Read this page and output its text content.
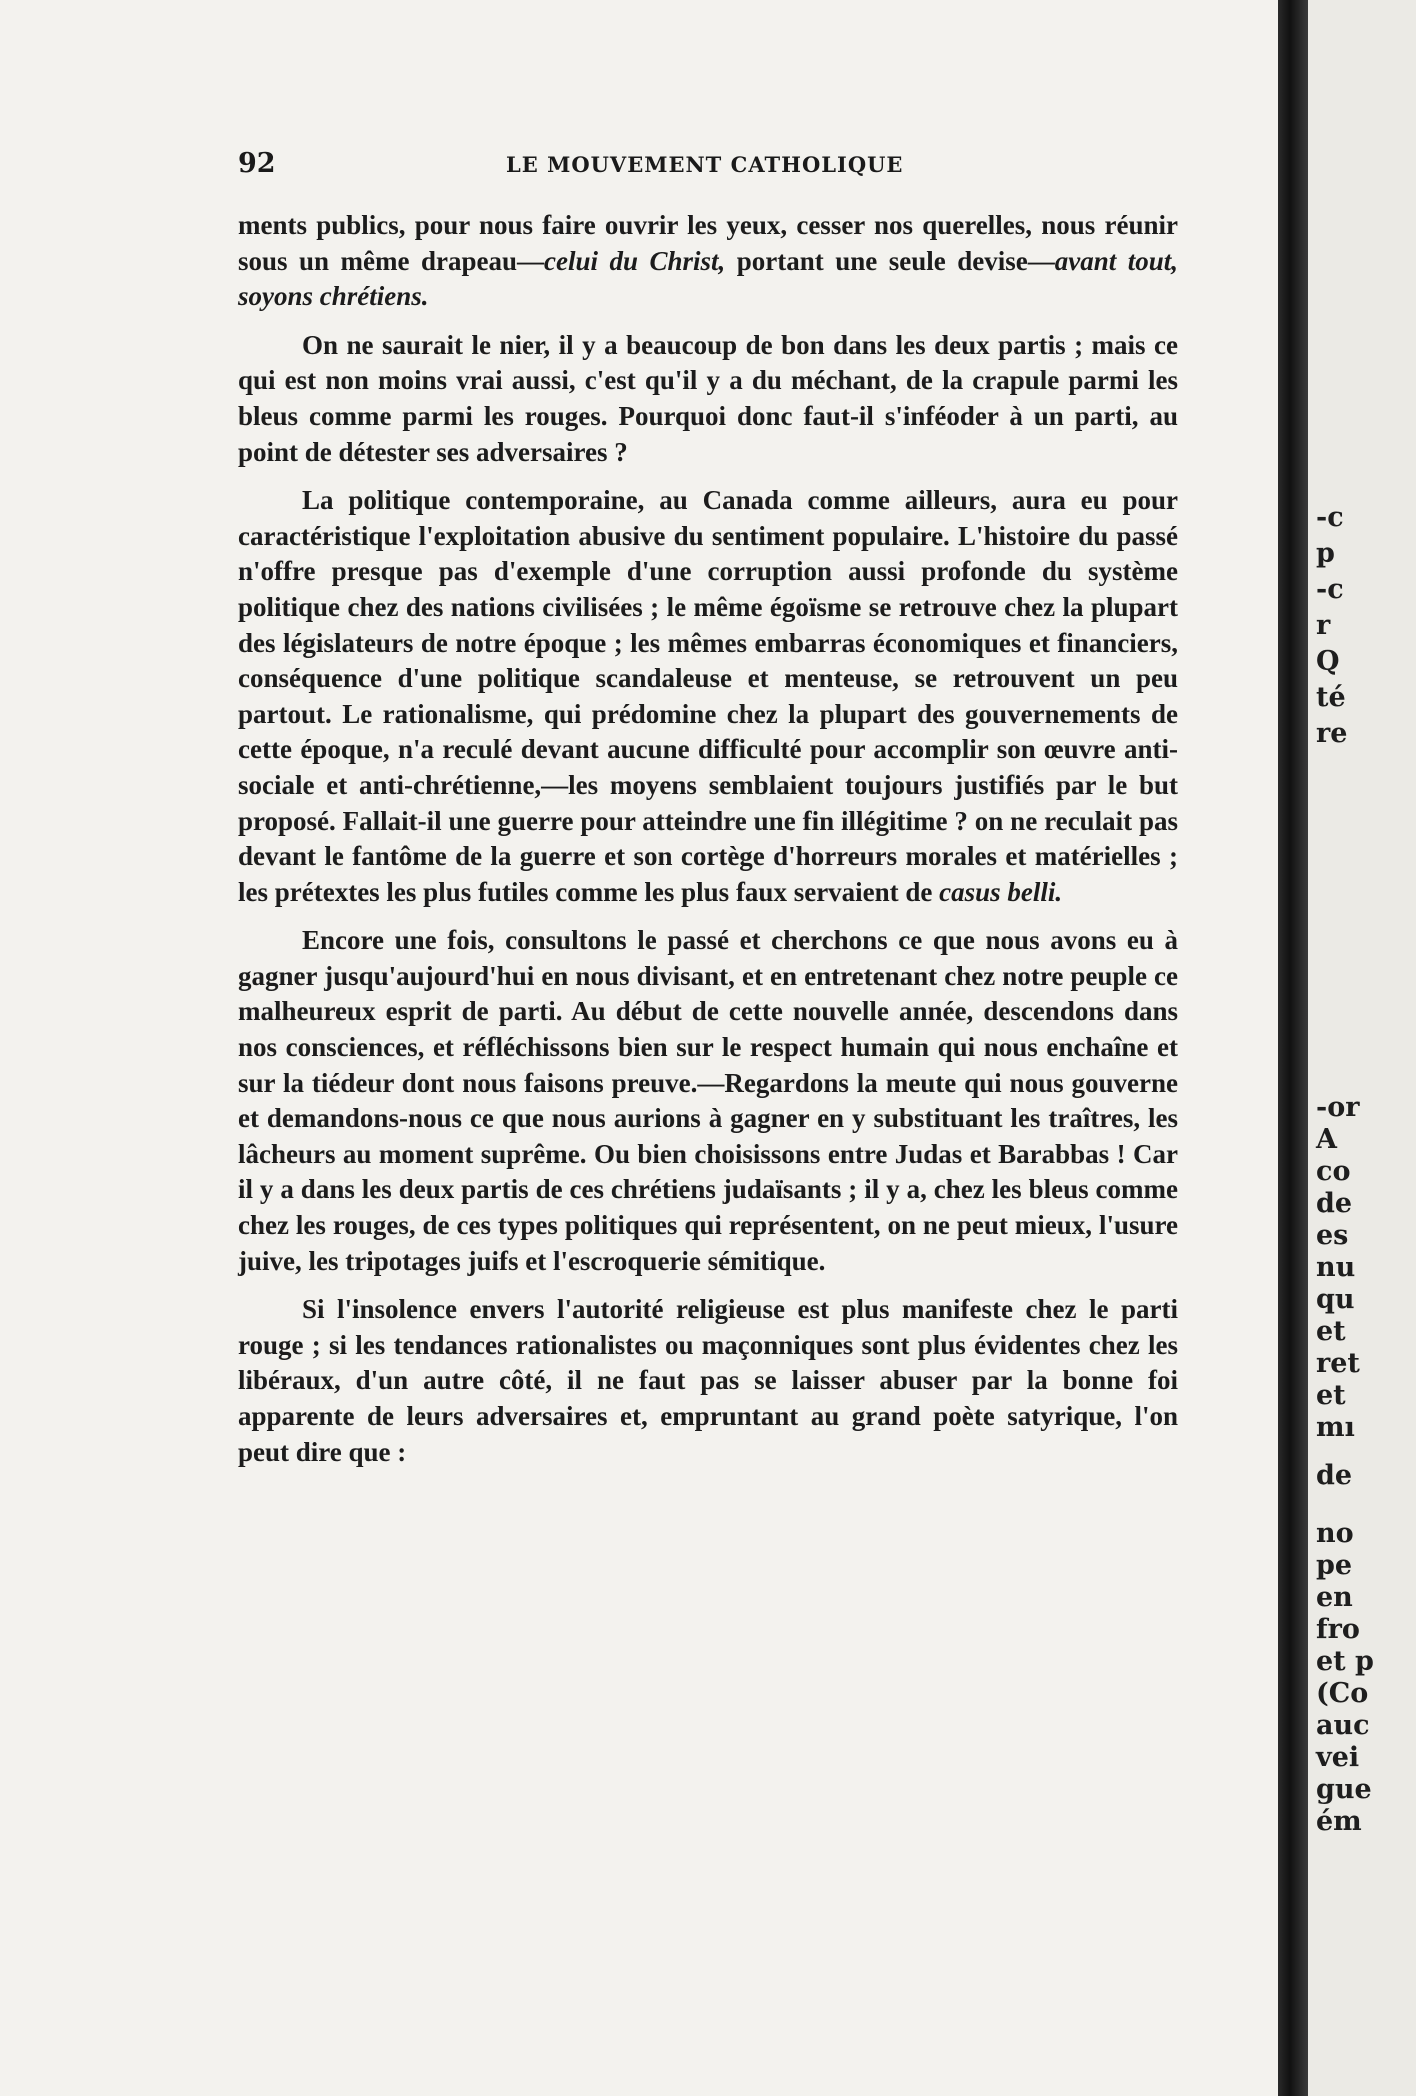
92	LE MOUVEMENT CATHOLIQUE

ments publics, pour nous faire ouvrir les yeux, cesser nos querelles, nous réunir sous un même drapeau—celui du Christ, portant une seule devise—avant tout, soyons chrétiens.

On ne saurait le nier, il y a beaucoup de bon dans les deux partis ; mais ce qui est non moins vrai aussi, c'est qu'il y a du méchant, de la crapule parmi les bleus comme parmi les rouges. Pourquoi donc faut-il s'inféoder à un parti, au point de détester ses adversaires ?

La politique contemporaine, au Canada comme ailleurs, aura eu pour caractéristique l'exploitation abusive du sentiment populaire. L'histoire du passé n'offre presque pas d'exemple d'une corruption aussi profonde du système politique chez des nations civilisées ; le même égoïsme se retrouve chez la plupart des législateurs de notre époque ; les mêmes embarras économiques et financiers, conséquence d'une politique scandaleuse et menteuse, se retrouvent un peu partout. Le rationalisme, qui prédomine chez la plupart des gouvernements de cette époque, n'a reculé devant aucune difficulté pour accomplir son œuvre anti-sociale et anti-chrétienne,—les moyens semblaient toujours justifiés par le but proposé. Fallait-il une guerre pour atteindre une fin illégitime ? on ne reculait pas devant le fantôme de la guerre et son cortège d'horreurs morales et matérielles ; les prétextes les plus futiles comme les plus faux servaient de casus belli.

Encore une fois, consultons le passé et cherchons ce que nous avons eu à gagner jusqu'aujourd'hui en nous divisant, et en entretenant chez notre peuple ce malheureux esprit de parti. Au début de cette nouvelle année, descendons dans nos consciences, et réfléchissons bien sur le respect humain qui nous enchaîne et sur la tiédeur dont nous faisons preuve.—Regardons la meute qui nous gouverne et demandons-nous ce que nous aurions à gagner en y substituant les traîtres, les lâcheurs au moment suprême. Ou bien choisissons entre Judas et Barabbas ! Car il y a dans les deux partis de ces chrétiens judaïsants ; il y a, chez les bleus comme chez les rouges, de ces types politiques qui représentent, on ne peut mieux, l'usure juive, les tripotages juifs et l'escroquerie sémitique.

Si l'insolence envers l'autorité religieuse est plus manifeste chez le parti rouge ; si les tendances rationalistes ou maçonniques sont plus évidentes chez les libéraux, d'un autre côté, il ne faut pas se laisser abuser par la bonne foi apparente de leurs adversaires et, empruntant au grand poète satyrique, l'on peut dire que :

-c
p
-c
r
Q
té
re
-or
A
co
de
es
nu
qu
et
ret
et
mı
de
no
pe
en
fro
et p
(Co
auc
vei
gue
ém
